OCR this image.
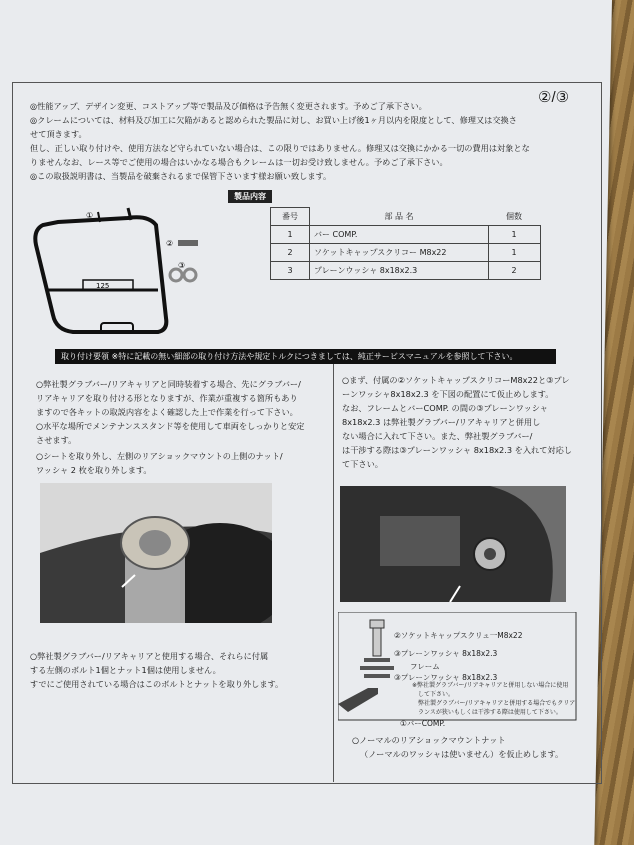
②/③
◎性能アップ、デザイン変更、コストアップ等で製品及び価格は予告無く変更されます。予めご了承下さい。
◎クレームについては、材料及び加工に欠陥があると認められた製品に対し、お買い上げ後1ヶ月以内を限度として、修理又は交換さ
せて頂きます。
但し、正しい取り付けや、使用方法など守られていない場合は、この限りではありません。修理又は交換にかかる一切の費用は対象とな
りませんなお、レース等でご使用の場合はいかなる場合もクレームは一切お受け致しません。予めご了承下さい。
◎この取扱説明書は、当製品を破棄されるまで保管下さいます様お願い致します。
製品内容
125
①
②
③
番号	部 品 名	個数
1	バー COMP.	1
2	ソケットキャップスクリコー M8x22	1
3	プレーンウッシャ 8x18x2.3	2
取り付け要領 ※特に記載の無い細部の取り付け方法や規定トルクにつきましては、純正サービスマニュアルを参照して下さい。
○弊社製グラブバー/リアキャリアと同時装着する場合、先にグラブバー/
リアキャリアを取り付ける形となりますが、作業が重複する箇所もあり
ますので各キットの取説内容をよく確認した上で作業を行って下さい。
○水平な場所でメンテナンススタンド等を使用して車両をしっかりと安定
させます。
○シートを取り外し、左側のリアショックマウントの上側のナット/
ワッシャ 2 枚を取り外します。
○弊社製グラブバー/リアキャリアと使用する場合、それらに付属
する左側のボルト1個とナット1個は使用しません。
すでにご使用されている場合はこのボルトとナットを取り外します。
○まず、付属の②ソケットキャップスクリコーM8x22と③プレ
ーンワッシャ8x18x2.3 を下図の配置にて仮止めします。
なお、フレームとバーCOMP. の間の③プレーンワッシャ
8x18x2.3 は弊社製グラブバー/リアキャリアと併用し
ない場合に入れて下さい。また、弊社製グラブバー/
は干渉する際は③プレーンワッシャ 8x18x2.3 を入れて対応し
て下さい。
②ソケットキャップスクリュ一M8x22
③プレーンワッシャ 8x18x2.3
フレーム
③プレーンワッシャ 8x18x2.3
※弊社製グラブバー/リアキャリアと併用しない場合に使用
して下さい。
弊社製グラブバー/リアキャリアと併用する場合でもクリア
ランスが狭いもしくは干渉する際は使用して下さい。
①バーCOMP.
○ノーマルのリアショックマウントナット
（ノーマルのワッシャは使いません）を仮止めします。
